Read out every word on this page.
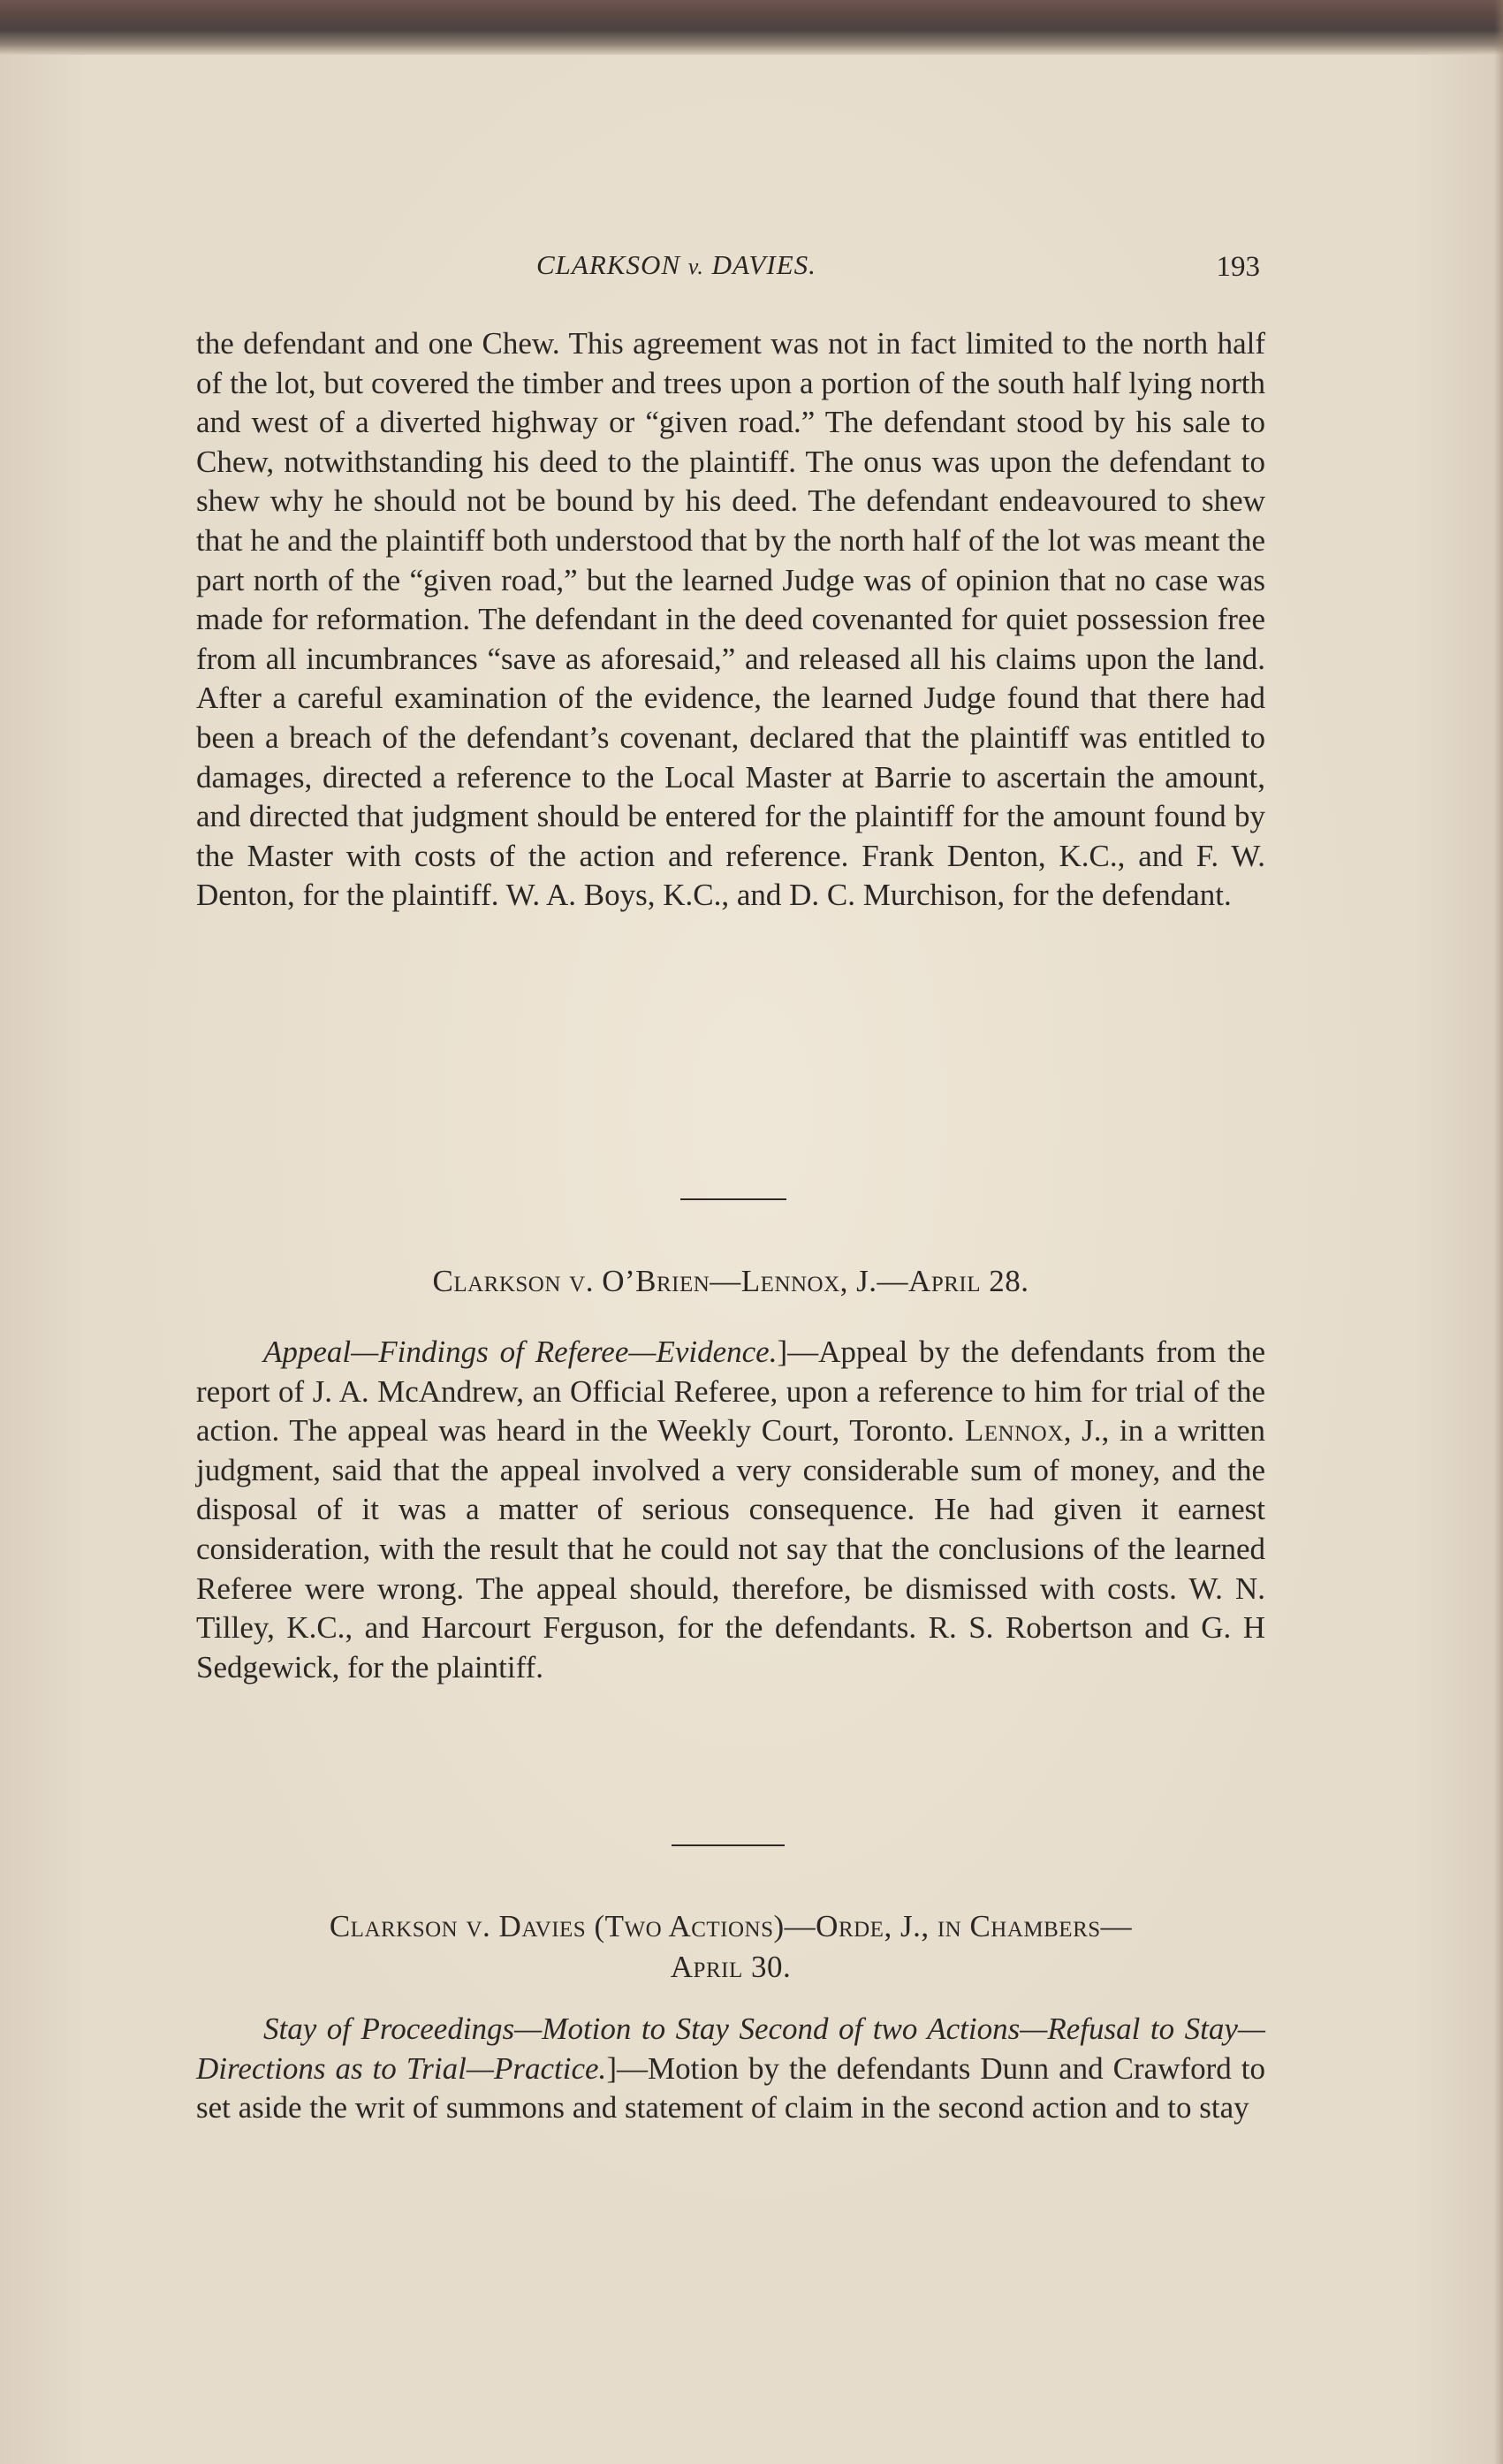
CLARKSON v. DAVIES.	193

the defendant and one Chew. This agreement was not in fact limited to the north half of the lot, but covered the timber and trees upon a portion of the south half lying north and west of a diverted highway or “given road.” The defendant stood by his sale to Chew, notwithstanding his deed to the plaintiff. The onus was upon the defendant to shew why he should not be bound by his deed. The defendant endeavoured to shew that he and the plaintiff both understood that by the north half of the lot was meant the part north of the “given road,” but the learned Judge was of opinion that no case was made for reformation. The defendant in the deed covenanted for quiet possession free from all incumbrances “save as aforesaid,” and released all his claims upon the land. After a careful examination of the evidence, the learned Judge found that there had been a breach of the defendant’s covenant, declared that the plaintiff was entitled to damages, directed a reference to the Local Master at Barrie to ascertain the amount, and directed that judgment should be entered for the plaintiff for the amount found by the Master with costs of the action and reference. Frank Denton, K.C., and F. W. Denton, for the plaintiff. W. A. Boys, K.C., and D. C. Murchison, for the defendant.

Clarkson v. O’Brien—Lennox, J.—April 28.

Appeal—Findings of Referee—Evidence.]—Appeal by the defendants from the report of J. A. McAndrew, an Official Referee, upon a reference to him for trial of the action. The appeal was heard in the Weekly Court, Toronto. Lennox, J., in a written judgment, said that the appeal involved a very considerable sum of money, and the disposal of it was a matter of serious consequence. He had given it earnest consideration, with the result that he could not say that the conclusions of the learned Referee were wrong. The appeal should, therefore, be dismissed with costs. W. N. Tilley, K.C., and Harcourt Ferguson, for the defendants. R. S. Robertson and G. H Sedgewick, for the plaintiff.

Clarkson v. Davies (Two Actions)—Orde, J., in Chambers—
April 30.

Stay of Proceedings—Motion to Stay Second of two Actions—Refusal to Stay—Directions as to Trial—Practice.]—Motion by the defendants Dunn and Crawford to set aside the writ of summons and statement of claim in the second action and to stay
